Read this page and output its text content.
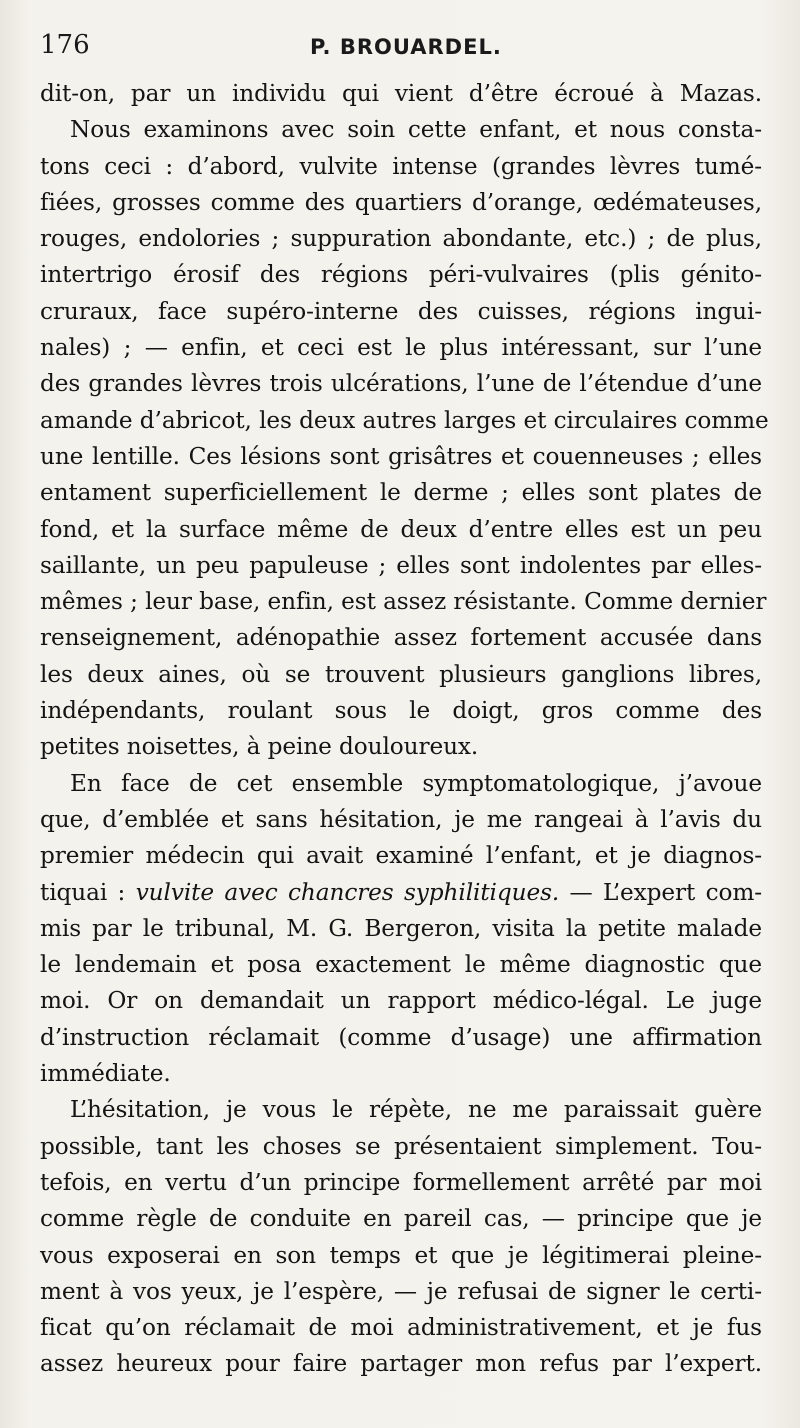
176	P. BROUARDEL.
dit-on, par un individu qui vient d’être écroué à Mazas.
Nous examinons avec soin cette enfant, et nous consta-
tons ceci : d’abord, vulvite intense (grandes lèvres tumé-
fiées, grosses comme des quartiers d’orange, œdémateuses,
rouges, endolories ; suppuration abondante, etc.) ; de plus,
intertrigo érosif des régions péri-vulvaires (plis génito-
cruraux, face supéro-interne des cuisses, régions ingui-
nales) ; — enfin, et ceci est le plus intéressant, sur l’une
des grandes lèvres trois ulcérations, l’une de l’étendue d’une
amande d’abricot, les deux autres larges et circulaires comme
une lentille. Ces lésions sont grisâtres et couenneuses ; elles
entament superficiellement le derme ; elles sont plates de
fond, et la surface même de deux d’entre elles est un peu
saillante, un peu papuleuse ; elles sont indolentes par elles-
mêmes ; leur base, enfin, est assez résistante. Comme dernier
renseignement, adénopathie assez fortement accusée dans
les deux aines, où se trouvent plusieurs ganglions libres,
indépendants, roulant sous le doigt, gros comme des
petites noisettes, à peine douloureux.
En face de cet ensemble symptomatologique, j’avoue
que, d’emblée et sans hésitation, je me rangeai à l’avis du
premier médecin qui avait examiné l’enfant, et je diagnos-
tiquai : vulvite avec chancres syphilitiques. — L’expert com-
mis par le tribunal, M. G. Bergeron, visita la petite malade
le lendemain et posa exactement le même diagnostic que
moi. Or on demandait un rapport médico-légal. Le juge
d’instruction réclamait (comme d’usage) une affirmation
immédiate.
L’hésitation, je vous le répète, ne me paraissait guère
possible, tant les choses se présentaient simplement. Tou-
tefois, en vertu d’un principe formellement arrêté par moi
comme règle de conduite en pareil cas, — principe que je
vous exposerai en son temps et que je légitimerai pleine-
ment à vos yeux, je l’espère, — je refusai de signer le certi-
ficat qu’on réclamait de moi administrativement, et je fus
assez heureux pour faire partager mon refus par l’expert.
